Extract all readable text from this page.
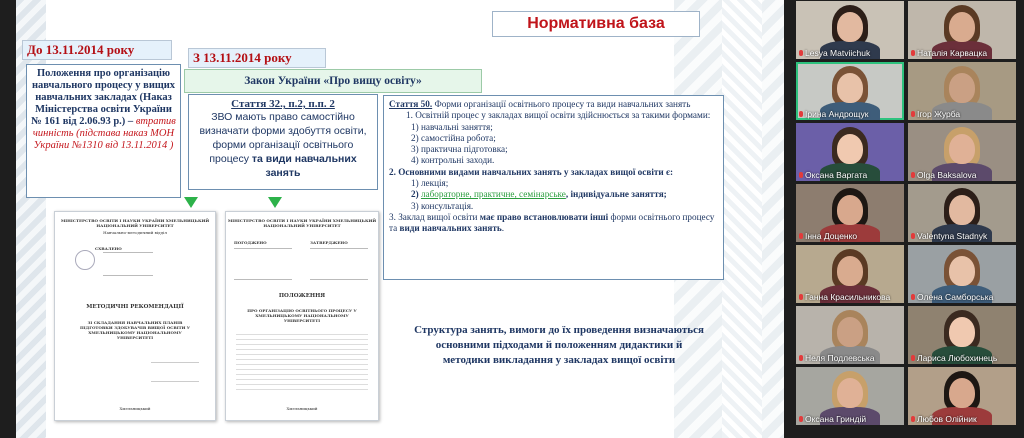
Нормативна база
До 13.11.2014 року
Положення про організацію навчального процесу у вищих навчальних закладах (Наказ Міністерства освіти України № 161 від 2.06.93 р.) – втратив чинність (підстава наказ МОН України №1310 від 13.11.2014 )
З 13.11.2014 року
Закон України «Про вищу освіту»
Стаття 32., п.2, п.п. 2
ЗВО мають право самостійно визначати форми здобуття освіти, форми організації освітнього процесу та види навчальних занять

Стаття 50. Форми організації освітнього процесу та види навчальних занять

1. Освітній процес у закладах вищої освіти здійснюється за такими формами:

1) навчальні заняття;

2) самостійна робота;

3) практична підготовка;

4) контрольні заходи.

2. Основними видами навчальних занять у закладах вищої освіти є:

1) лекція;

2) лабораторне, практичне, семінарське, індивідуальне заняття;

3) консультація.

3. Заклад вищої освіти має право встановлювати інші форми освітнього процесу та види навчальних занять.

МІНІСТЕРСТВО ОСВІТИ І НАУКИ УКРАЇНИ ХМЕЛЬНИЦЬКИЙ НАЦІОНАЛЬНИЙ УНІВЕРСИТЕТ
Навчально-методичний відділ
СХВАЛЕНО
МЕТОДИЧНІ РЕКОМЕНДАЦІЇ
ЗІ СКЛАДАННЯ НАВЧАЛЬНИХ ПЛАНІВ ПІДГОТОВКИ ЗДОБУВАЧІВ ВИЩОЇ ОСВІТИ У ХМЕЛЬНИЦЬКОМУ НАЦІОНАЛЬНОМУ УНІВЕРСИТЕТІ
Хмельницький
МІНІСТЕРСТВО ОСВІТИ І НАУКИ УКРАЇНИ ХМЕЛЬНИЦЬКИЙ НАЦІОНАЛЬНИЙ УНІВЕРСИТЕТ
ПОГОДЖЕНО	ЗАТВЕРДЖЕНО
ПОЛОЖЕННЯ
ПРО ОРГАНІЗАЦІЮ ОСВІТНЬОГО ПРОЦЕСУ У ХМЕЛЬНИЦЬКОМУ НАЦІОНАЛЬНОМУ УНІВЕРСИТЕТІ
Хмельницький
Структура занять, вимоги до їх проведення визначаються основними підходами й положенням дидактики й методики викладання у закладах вищої освіти
Lesya Matviichuk	Наталія Карвацка
Ірина Андрощук	Ігор Журба
Оксана Варгата	Olga Baksalova
Інна Доценко	Valentyna Stadnyk
Ганна Красильникова	Олена Самборська
Неля Подлевська	Лариса Любохинець
Оксана Гриндій	Любов Олійник
